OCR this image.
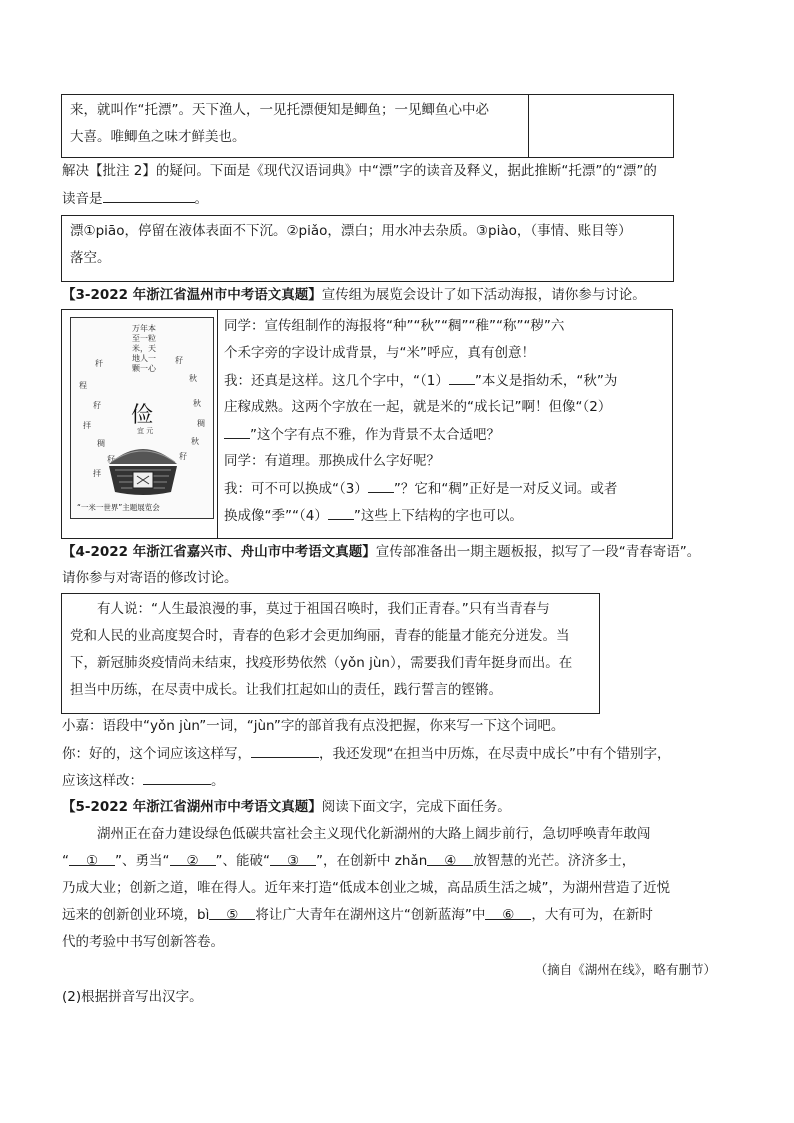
来，就叫作“托漂”。天下渔人，一见托漂便知是鲫鱼；一见鲫鱼心中必
大喜。唯鲫鱼之味才鲜美也。
解决【批注 2】的疑问。下面是《现代汉语词典》中“漂”字的读音及释义，据此推断“托漂”的“漂”的
读音是	。
漂①piāo，停留在液体表面不下沉。②piǎo，漂白；用水冲去杂质。③piào，（事情、账目等）
落空。
【3-2022 年浙江省温州市中考语文真题】宣传组为展览会设计了如下活动海报，请你参与讨论。
秆	秄
秋
程
秋
秄
稠
拝
秋
稠
秄
秄
拝
万年本至一粒米，天地人一颗一心
俭
宜 元
“一米一世界”主题展览会
同学：宣传组制作的海报将“种”“秋”“稠”“稚”“称”“秽”六
个禾字旁的字设计成背景，与“米”呼应，真有创意！
我：还真是这样。这几个字中，“（1） ”本义是指幼禾，“秋”为
庄稼成熟。这两个字放在一起，就是米的“成长记”啊！但像“（2）
”这个字有点不雅，作为背景不太合适吧？
同学：有道理。那换成什么字好呢？
我：可不可以换成“（3） ”？它和“稠”正好是一对反义词。或者
换成像“季”“（4） ”这些上下结构的字也可以。
【4-2022 年浙江省嘉兴市、舟山市中考语文真题】宣传部准备出一期主题板报，拟写了一段“青春寄语”。
请你参与对寄语的修改讨论。
有人说：“人生最浪漫的事，莫过于祖国召唤时，我们正青春。”只有当青春与
党和人民的业高度契合时，青春的色彩才会更加绚丽，青春的能量才能充分迸发。当
下，新冠肺炎疫情尚未结束，找疫形势依然（yǒn jùn），需要我们青年挺身而出。在
担当中历练，在尽责中成长。让我们扛起如山的责任，践行誓言的铿锵。
小嘉：语段中“yǒn jùn”一词，“jùn”字的部首我有点没把握，你来写一下这个词吧。
你：好的，这个词应该这样写，	，我还发现“在担当中历炼，在尽责中成长”中有个错别字，
应该这样改：	。
【5-2022 年浙江省湖州市中考语文真题】阅读下面文字，完成下面任务。
湖州正在奋力建设绿色低碳共富社会主义现代化新湖州的大路上阔步前行，急切呼唤青年敢闯
“ ① ”、勇当“ ② ”、能破“ ③ ”，在创新中 zhǎn ④ 放智慧的光芒。济济多士，
乃成大业；创新之道，唯在得人。近年来打造“低成本创业之城，高品质生活之城”，为湖州营造了近悦
远来的创新创业环境，bì ⑤ 将让广大青年在湖州这片“创新蓝海”中 ⑥ ，大有可为，在新时
代的考验中书写创新答卷。
（摘自《湖州在线》，略有删节）
(2)根据拼音写出汉字。
